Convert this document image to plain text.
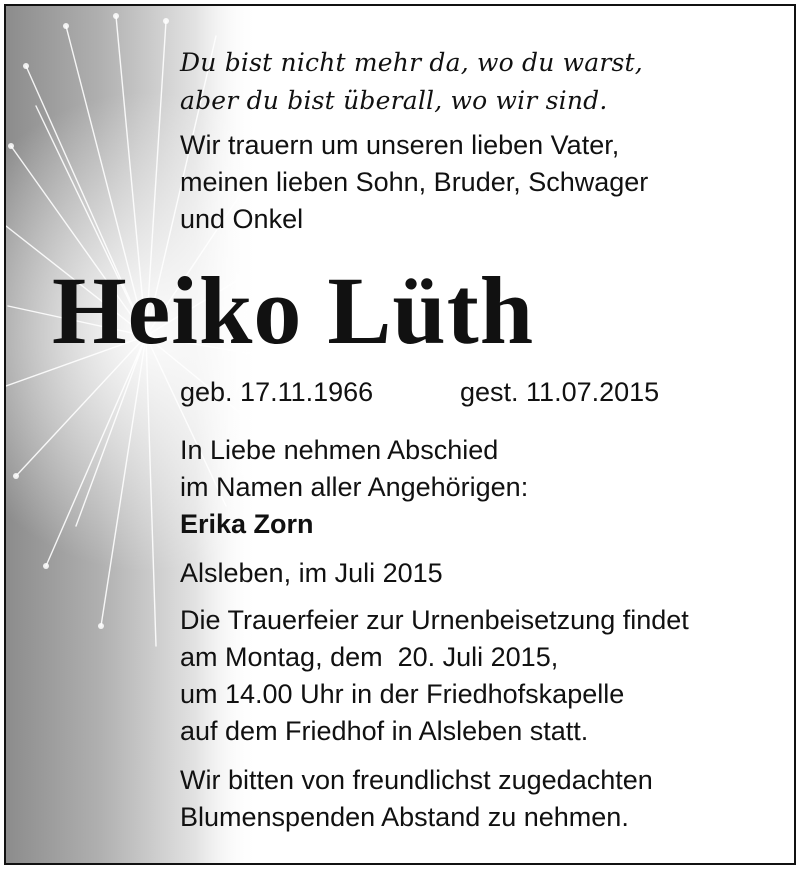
Du bist nicht mehr da, wo du warst,
aber du bist überall, wo wir sind.

Wir trauern um unseren lieben Vater,
meinen lieben Sohn, Bruder, Schwager
und Onkel

Heiko Lüth

geb. 17.11.1966	gest. 11.07.2015

In Liebe nehmen Abschied
im Namen aller Angehörigen:
Erika Zorn

Alsleben, im Juli 2015

Die Trauerfeier zur Urnenbeisetzung findet
am Montag, dem  20. Juli 2015,
um 14.00 Uhr in der Friedhofskapelle
auf dem Friedhof in Alsleben statt.

Wir bitten von freundlichst zugedachten
Blumenspenden Abstand zu nehmen.
